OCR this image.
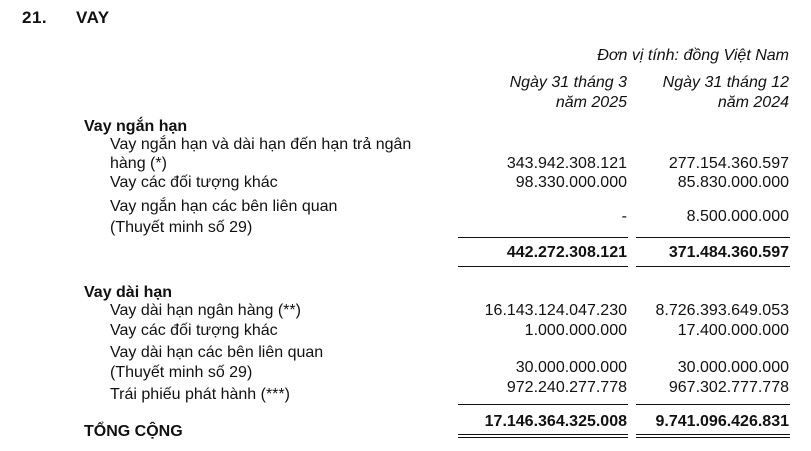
21. VAY
Đơn vị tính: đồng Việt Nam
Ngày 31 tháng 3
năm 2025
Ngày 31 tháng 12
năm 2024
Vay ngắn hạn
Vay ngắn hạn và dài hạn đến hạn trả ngân
hàng (*)	343.942.308.121	277.154.360.597
Vay các đối tượng khác	98.330.000.000	85.830.000.000
Vay ngắn hạn các bên liên quan
(Thuyết minh số 29)
-	8.500.000.000
442.272.308.121	371.484.360.597
Vay dài hạn
Vay dài hạn ngân hàng (**)	16.143.124.047.230 8.726.393.649.053
Vay các đối tượng khác	1.000.000.000	17.400.000.000
Vay dài hạn các bên liên quan
(Thuyết minh số 29)	30.000.000.000	30.000.000.000
Trái phiếu phát hành (***)	972.240.277.778	967.302.777.778
TỔNG CỘNG
17.146.364.325.008 9.741.096.426.831
